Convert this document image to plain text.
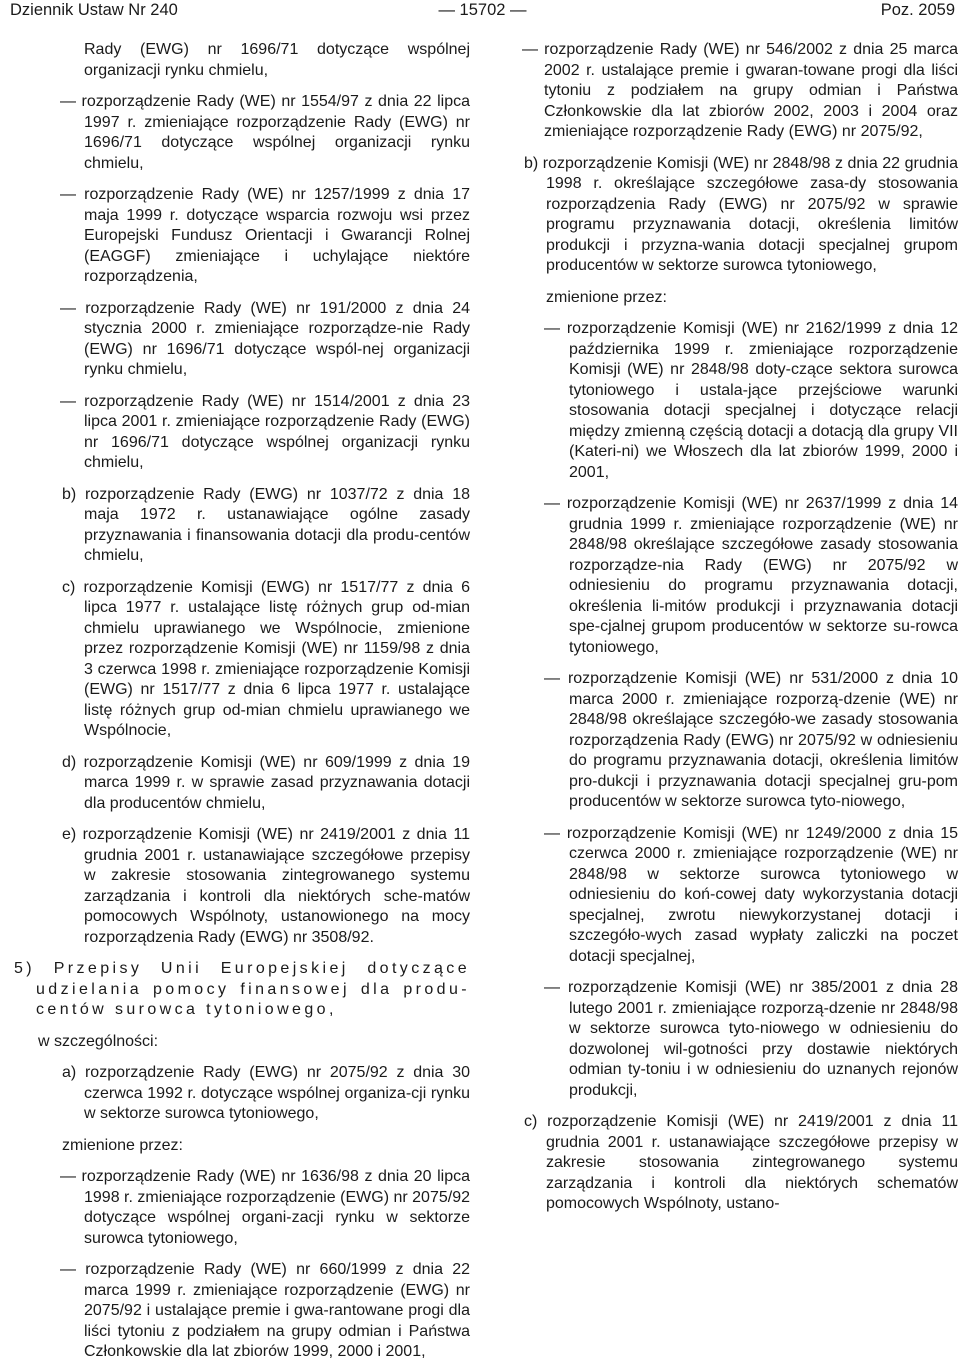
Dziennik Ustaw Nr 240	— 15702 —	Poz. 2059
Rady (EWG) nr 1696/71 dotyczące wspólnej organizacji rynku chmielu,
— rozporządzenie Rady (WE) nr 1554/97 z dnia 22 lipca 1997 r. zmieniające rozporządzenie Rady (EWG) nr 1696/71 dotyczące wspólnej organizacji rynku chmielu,
— rozporządzenie Rady (WE) nr 1257/1999 z dnia 17 maja 1999 r. dotyczące wsparcia rozwoju wsi przez Europejski Fundusz Orientacji i Gwarancji Rolnej (EAGGF) zmieniające i uchylające niektóre rozporządzenia,
— rozporządzenie Rady (WE) nr 191/2000 z dnia 24 stycznia 2000 r. zmieniające rozporządze-nie Rady (EWG) nr 1696/71 dotyczące wspól-nej organizacji rynku chmielu,
— rozporządzenie Rady (WE) nr 1514/2001 z dnia 23 lipca 2001 r. zmieniające rozporządzenie Rady (EWG) nr 1696/71 dotyczące wspólnej organizacji rynku chmielu,
b) rozporządzenie Rady (EWG) nr 1037/72 z dnia 18 maja 1972 r. ustanawiające ogólne zasady przyznawania i finansowania dotacji dla produ-centów chmielu,
c) rozporządzenie Komisji (EWG) nr 1517/77 z dnia 6 lipca 1977 r. ustalające listę różnych grup od-mian chmielu uprawianego we Wspólnocie, zmienione przez rozporządzenie Komisji (WE) nr 1159/98 z dnia 3 czerwca 1998 r. zmieniające rozporządzenie Komisji (EWG) nr 1517/77 z dnia 6 lipca 1977 r. ustalające listę różnych grup od-mian chmielu uprawianego we Wspólnocie,
d) rozporządzenie Komisji (WE) nr 609/1999 z dnia 19 marca 1999 r. w sprawie zasad przyznawania dotacji dla producentów chmielu,
e) rozporządzenie Komisji (WE) nr 2419/2001 z dnia 11 grudnia 2001 r. ustanawiające szczegółowe przepisy w zakresie stosowania zintegrowanego systemu zarządzania i kontroli dla niektórych sche-matów pomocowych Wspólnoty, ustanowionego na mocy rozporządzenia Rady (EWG) nr 3508/92.
5) Przepisy Unii Europejskiej dotyczące udzielania pomocy finansowej dla produ-centów surowca tytoniowego,
w szczególności:
a) rozporządzenie Rady (EWG) nr 2075/92 z dnia 30 czerwca 1992 r. dotyczące wspólnej organiza-cji rynku w sektorze surowca tytoniowego,
zmienione przez:
— rozporządzenie Rady (WE) nr 1636/98 z dnia 20 lipca 1998 r. zmieniające rozporządzenie (EWG) nr 2075/92 dotyczące wspólnej organi-zacji rynku w sektorze surowca tytoniowego,
— rozporządzenie Rady (WE) nr 660/1999 z dnia 22 marca 1999 r. zmieniające rozporządzenie (EWG) nr 2075/92 i ustalające premie i gwa-rantowane progi dla liści tytoniu z podziałem na grupy odmian i Państwa Członkowskie dla lat zbiorów 1999, 2000 i 2001,
— rozporządzenie Rady (WE) nr 546/2002 z dnia 25 marca 2002 r. ustalające premie i gwaran-towane progi dla liści tytoniu z podziałem na grupy odmian i Państwa Członkowskie dla lat zbiorów 2002, 2003 i 2004 oraz zmieniające rozporządzenie Rady (EWG) nr 2075/92,
b) rozporządzenie Komisji (WE) nr 2848/98 z dnia 22 grudnia 1998 r. określające szczegółowe zasa-dy stosowania rozporządzenia Rady (EWG) nr 2075/92 w sprawie programu przyznawania dotacji, określenia limitów produkcji i przyzna-wania dotacji specjalnej grupom producentów w sektorze surowca tytoniowego,
zmienione przez:
— rozporządzenie Komisji (WE) nr 2162/1999 z dnia 12 października 1999 r. zmieniające rozporządzenie Komisji (WE) nr 2848/98 doty-czące sektora surowca tytoniowego i ustala-jące przejściowe warunki stosowania dotacji specjalnej i dotyczące relacji między zmienną częścią dotacji a dotacją dla grupy VII (Kateri-ni) we Włoszech dla lat zbiorów 1999, 2000 i 2001,
— rozporządzenie Komisji (WE) nr 2637/1999 z dnia 14 grudnia 1999 r. zmieniające rozporządzenie (WE) nr 2848/98 określające szczegółowe zasady stosowania rozporządze-nia Rady (EWG) nr 2075/92 w odniesieniu do programu przyznawania dotacji, określenia li-mitów produkcji i przyznawania dotacji spe-cjalnej grupom producentów w sektorze su-rowca tytoniowego,
— rozporządzenie Komisji (WE) nr 531/2000 z dnia 10 marca 2000 r. zmieniające rozporzą-dzenie (WE) nr 2848/98 określające szczegóło-we zasady stosowania rozporządzenia Rady (EWG) nr 2075/92 w odniesieniu do programu przyznawania dotacji, określenia limitów pro-dukcji i przyznawania dotacji specjalnej gru-pom producentów w sektorze surowca tyto-niowego,
— rozporządzenie Komisji (WE) nr 1249/2000 z dnia 15 czerwca 2000 r. zmieniające rozporządzenie (WE) nr 2848/98 w sektorze surowca tytoniowego w odniesieniu do koń-cowej daty wykorzystania dotacji specjalnej, zwrotu niewykorzystanej dotacji i szczegóło-wych zasad wypłaty zaliczki na poczet dotacji specjalnej,
— rozporządzenie Komisji (WE) nr 385/2001 z dnia 28 lutego 2001 r. zmieniające rozporzą-dzenie nr 2848/98 w sektorze surowca tyto-niowego w odniesieniu do dozwolonej wil-gotności przy dostawie niektórych odmian ty-toniu i w odniesieniu do uznanych rejonów produkcji,
c) rozporządzenie Komisji (WE) nr 2419/2001 z dnia 11 grudnia 2001 r. ustanawiające szczegółowe przepisy w zakresie stosowania zintegrowanego systemu zarządzania i kontroli dla niektórych schematów pomocowych Wspólnoty, ustano-
